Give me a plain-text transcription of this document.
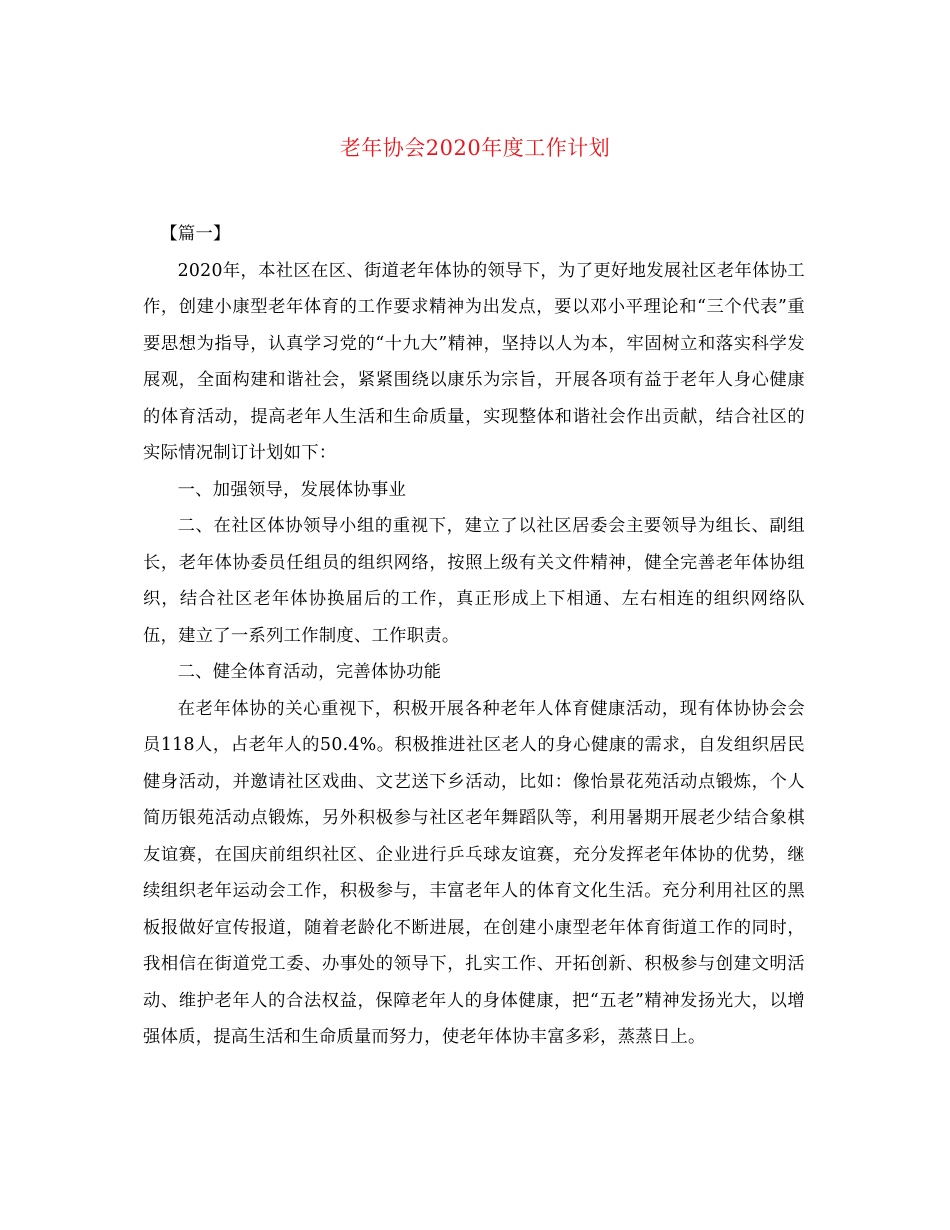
老年协会2020年度工作计划

【篇一】

2020年，本社区在区、街道老年体协的领导下，为了更好地发展社区老年体协工作，创建小康型老年体育的工作要求精神为出发点，要以邓小平理论和“三个代表”重要思想为指导，认真学习党的“十九大”精神，坚持以人为本，牢固树立和落实科学发展观，全面构建和谐社会，紧紧围绕以康乐为宗旨，开展各项有益于老年人身心健康的体育活动，提高老年人生活和生命质量，实现整体和谐社会作出贡献，结合社区的实际情况制订计划如下：

一、加强领导，发展体协事业

二、在社区体协领导小组的重视下，建立了以社区居委会主要领导为组长、副组长，老年体协委员任组员的组织网络，按照上级有关文件精神，健全完善老年体协组织，结合社区老年体协换届后的工作，真正形成上下相通、左右相连的组织网络队伍，建立了一系列工作制度、工作职责。

二、健全体育活动，完善体协功能

在老年体协的关心重视下，积极开展各种老年人体育健康活动，现有体协协会会员118人，占老年人的50.4%。积极推进社区老人的身心健康的需求，自发组织居民健身活动，并邀请社区戏曲、文艺送下乡活动，比如：像怡景花苑活动点锻炼，个人简历银苑活动点锻炼，另外积极参与社区老年舞蹈队等，利用暑期开展老少结合象棋友谊赛，在国庆前组织社区、企业进行乒乓球友谊赛，充分发挥老年体协的优势，继续组织老年运动会工作，积极参与，丰富老年人的体育文化生活。充分利用社区的黑板报做好宣传报道，随着老龄化不断进展，在创建小康型老年体育街道工作的同时，我相信在街道党工委、办事处的领导下，扎实工作、开拓创新、积极参与创建文明活动、维护老年人的合法权益，保障老年人的身体健康，把“五老”精神发扬光大，以增强体质，提高生活和生命质量而努力，使老年体协丰富多彩，蒸蒸日上。
